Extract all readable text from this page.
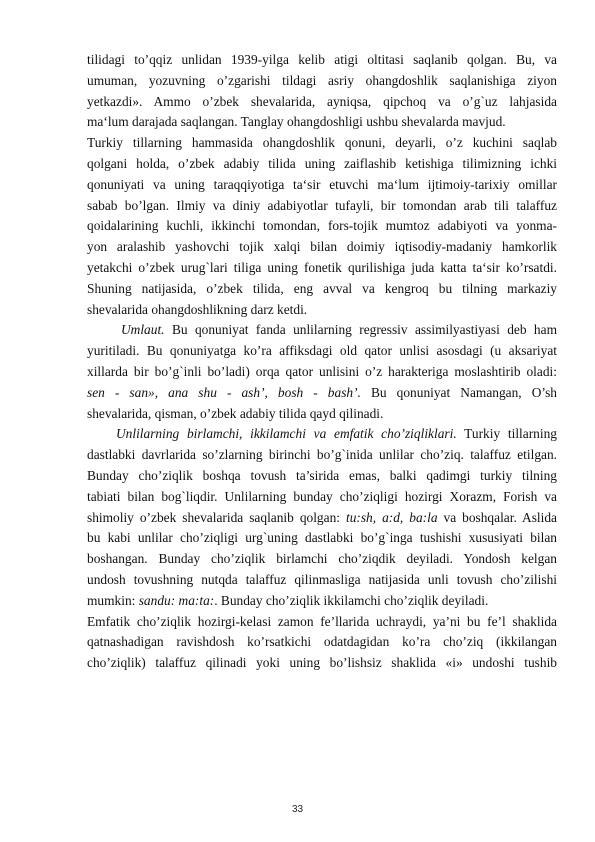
tilidagi to’qqiz unlidan 1939-yilga kelib atigi oltitasi saqlanib qolgan. Bu, va
umuman, yozuvning o’zgarishi tildagi asriy ohangdoshlik saqlanishiga ziyon
yetkazdi». Ammo o’zbek shevalarida, ayniqsa, qipchoq va o’g`uz lahjasida
ma‘lum darajada saqlangan. Tanglay ohangdoshligi ushbu shevalarda mavjud.
Turkiy tillarning hammasida ohangdoshlik qonuni, deyarli, o’z kuchini saqlab
qolgani holda, o’zbek adabiy tilida uning zaiflashib ketishiga tilimizning ichki
qonuniyati va uning taraqqiyotiga ta‘sir etuvchi ma‘lum ijtimoiy-tarixiy omillar
sabab bo’lgan. Ilmiy va diniy adabiyotlar tufayli, bir tomondan arab tili talaffuz
qoidalarining kuchli, ikkinchi tomondan, fors-tojik mumtoz adabiyoti va yonma-
yon aralashib yashovchi tojik xalqi bilan doimiy iqtisodiy-madaniy hamkorlik
yetakchi o’zbek urug`lari tiliga uning fonetik qurilishiga juda katta ta‘sir ko’rsatdi.
Shuning natijasida, o’zbek tilida, eng avval va kengroq bu tilning markaziy
shevalarida ohangdoshlikning darz ketdi.
Umlaut. Bu qonuniyat fanda unlilarning regressiv assimilyastiyasi deb ham
yuritiladi. Bu qonuniyatga ko’ra affiksdagi old qator unlisi asosdagi (u aksariyat
xillarda bir bo’g`inli bo’ladi) orqa qator unlisini o’z harakteriga moslashtirib oladi:
sen - san», ana shu - ash’, bosh - bash’. Bu qonuniyat Namangan, O’sh
shevalarida, qisman, o’zbek adabiy tilida qayd qilinadi.
Unlilarning birlamchi, ikkilamchi va emfatik cho’ziqliklari. Turkiy tillarning
dastlabki davrlarida so’zlarning birinchi bo’g`inida unlilar cho’ziq. talaffuz etilgan.
Bunday cho’ziqlik boshqa tovush ta’sirida emas, balki qadimgi turkiy tilning
tabiati bilan bog`liqdir. Unlilarning bunday cho’ziqligi hozirgi Xorazm, Forish va
shimoliy o’zbek shevalarida saqlanib qolgan: tu:sh, a:d, ba:la va boshqalar. Aslida
bu kabi unlilar cho’ziqligi urg`uning dastlabki bo’g`inga tushishi xususiyati bilan
boshangan. Bunday cho’ziqlik birlamchi cho’ziqdik deyiladi. Yondosh kelgan
undosh tovushning nutqda talaffuz qilinmasliga natijasida unli tovush cho’zilishi
mumkin: sandu: ma:ta:. Bunday cho’ziqlik ikkilamchi cho’ziqlik deyiladi.
Emfatik cho’ziqlik hozirgi-kelasi zamon fe’llarida uchraydi, ya’ni bu fe’l shaklida
qatnashadigan ravishdosh ko’rsatkichi odatdagidan ko’ra cho’ziq (ikkilangan
cho’ziqlik) talaffuz qilinadi yoki uning bo’lishsiz shaklida «i» undoshi tushib
33
